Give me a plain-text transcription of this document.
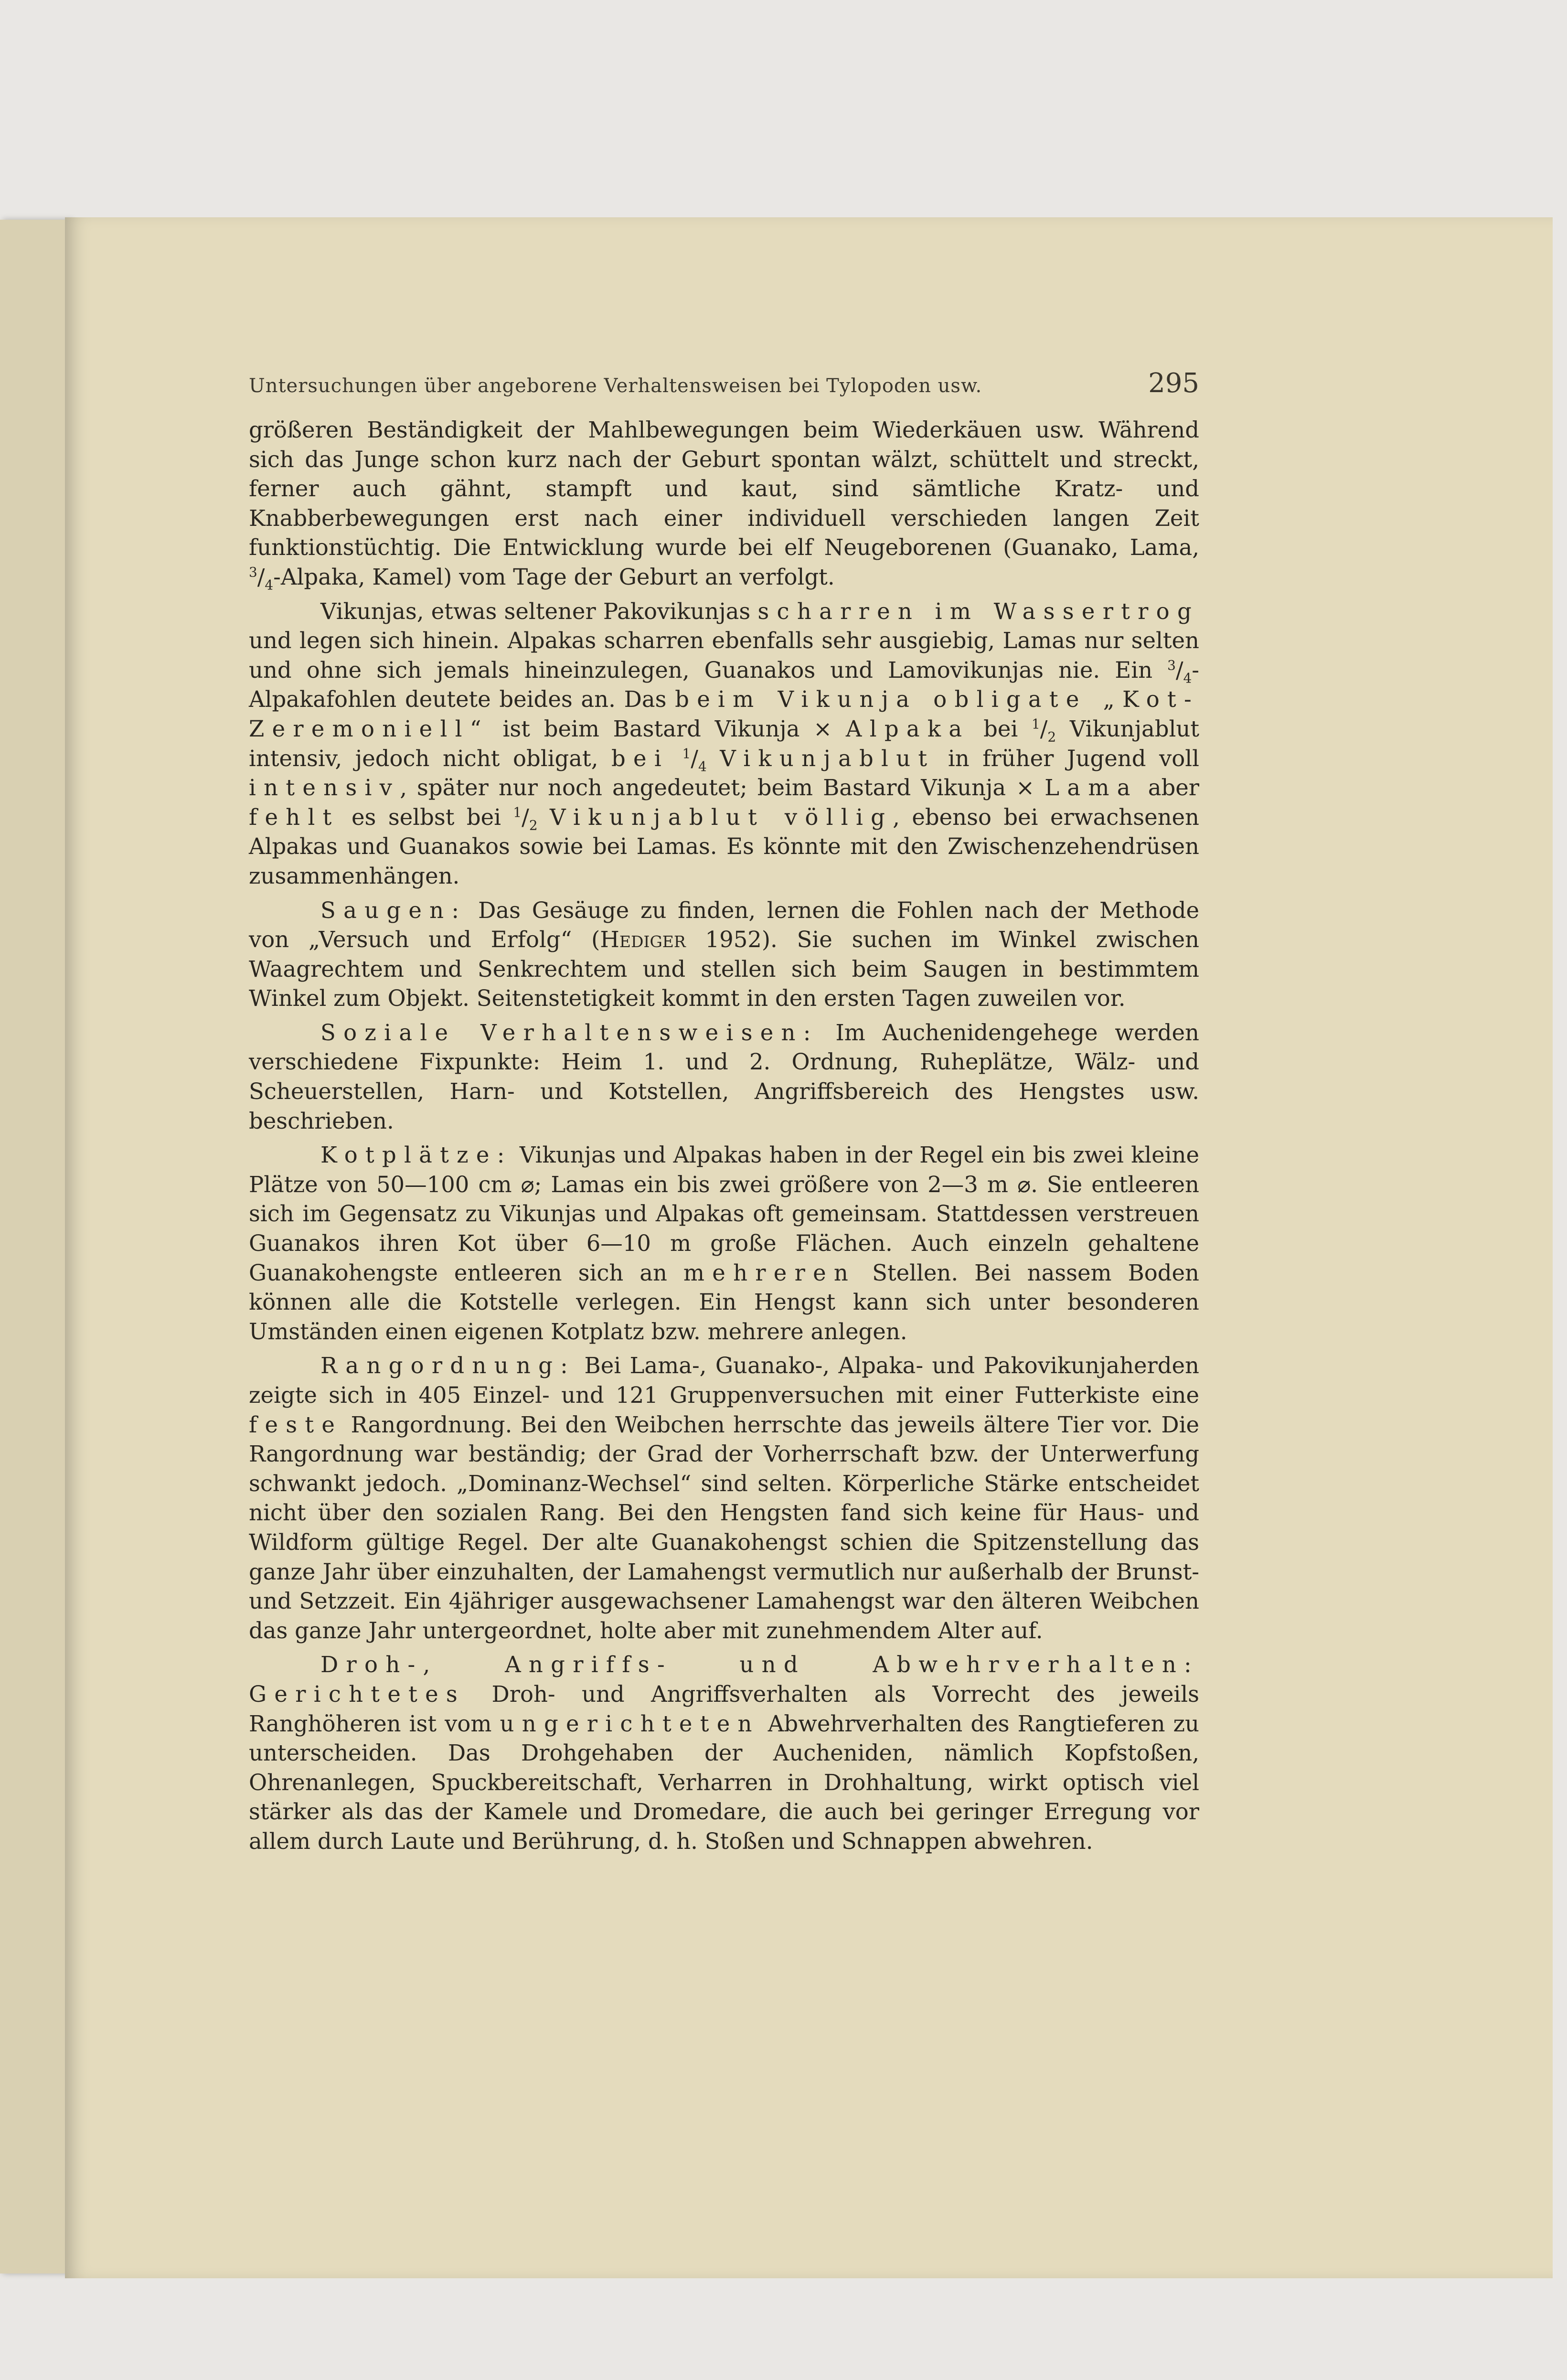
Untersuchungen über angeborene Verhaltensweisen bei Tylopoden usw.	295

größeren Beständigkeit der Mahlbewegungen beim Wiederkäuen usw. Während sich das Junge schon kurz nach der Geburt spontan wälzt, schüttelt und streckt, ferner auch gähnt, stampft und kaut, sind sämtliche Kratz- und Knabberbewegungen erst nach einer individuell verschieden langen Zeit funktionstüchtig. Die Entwicklung wurde bei elf Neugeborenen (Guanako, Lama, $^3/_4$-Alpaka, Kamel) vom Tage der Geburt an verfolgt.

Vikunjas, etwas seltener Pakovikunjas scharren im Wassertrog und legen sich hinein. Alpakas scharren ebenfalls sehr ausgiebig, Lamas nur selten und ohne sich jemals hineinzulegen, Guanakos und Lamovikunjas nie. Ein $^3/_4$-Alpakafohlen deutete beides an. Das beim Vikunja obligate „Kot-Zeremoniell“ ist beim Bastard Vikunja × Alpaka bei $^1/_2$ Vikunjablut intensiv, jedoch nicht obligat, bei $^1/_4$ Vikunjablut in früher Jugend voll intensiv, später nur noch angedeutet; beim Bastard Vikunja × Lama aber fehlt es selbst bei $^1/_2$ Vikunjablut völlig, ebenso bei erwachsenen Alpakas und Guanakos sowie bei Lamas. Es könnte mit den Zwischenzehendrüsen zusammenhängen.

Saugen: Das Gesäuge zu finden, lernen die Fohlen nach der Methode von „Versuch und Erfolg“ (Hediger 1952). Sie suchen im Winkel zwischen Waagrechtem und Senkrechtem und stellen sich beim Saugen in bestimmtem Winkel zum Objekt. Seitenstetigkeit kommt in den ersten Tagen zuweilen vor.

Soziale Verhaltensweisen: Im Auchenidengehege werden verschiedene Fixpunkte: Heim 1. und 2. Ordnung, Ruheplätze, Wälz- und Scheuerstellen, Harn- und Kotstellen, Angriffsbereich des Hengstes usw. beschrieben.

Kotplätze: Vikunjas und Alpakas haben in der Regel ein bis zwei kleine Plätze von 50—100 cm ⌀; Lamas ein bis zwei größere von 2—3 m ⌀. Sie entleeren sich im Gegensatz zu Vikunjas und Alpakas oft gemeinsam. Stattdessen verstreuen Guanakos ihren Kot über 6—10 m große Flächen. Auch einzeln gehaltene Guanakohengste entleeren sich an mehreren Stellen. Bei nassem Boden können alle die Kotstelle verlegen. Ein Hengst kann sich unter besonderen Umständen einen eigenen Kotplatz bzw. mehrere anlegen.

Rangordnung: Bei Lama-, Guanako-, Alpaka- und Pakovikunjaherden zeigte sich in 405 Einzel- und 121 Gruppenversuchen mit einer Futterkiste eine feste Rangordnung. Bei den Weibchen herrschte das jeweils ältere Tier vor. Die Rangordnung war beständig; der Grad der Vorherrschaft bzw. der Unterwerfung schwankt jedoch. „Dominanz-Wechsel“ sind selten. Körperliche Stärke entscheidet nicht über den sozialen Rang. Bei den Hengsten fand sich keine für Haus- und Wildform gültige Regel. Der alte Guanakohengst schien die Spitzenstellung das ganze Jahr über einzuhalten, der Lamahengst vermutlich nur außerhalb der Brunst- und Setzzeit. Ein 4jähriger ausgewachsener Lamahengst war den älteren Weibchen das ganze Jahr untergeordnet, holte aber mit zunehmendem Alter auf.

Droh-, Angriffs- und Abwehrverhalten: Gerichtetes Droh- und Angriffsverhalten als Vorrecht des jeweils Ranghöheren ist vom ungerichteten Abwehrverhalten des Rangtieferen zu unterscheiden. Das Drohgehaben der Aucheniden, nämlich Kopfstoßen, Ohrenanlegen, Spuckbereitschaft, Verharren in Drohhaltung, wirkt optisch viel stärker als das der Kamele und Dromedare, die auch bei geringer Erregung vor allem durch Laute und Berührung, d. h. Stoßen und Schnappen abwehren.
